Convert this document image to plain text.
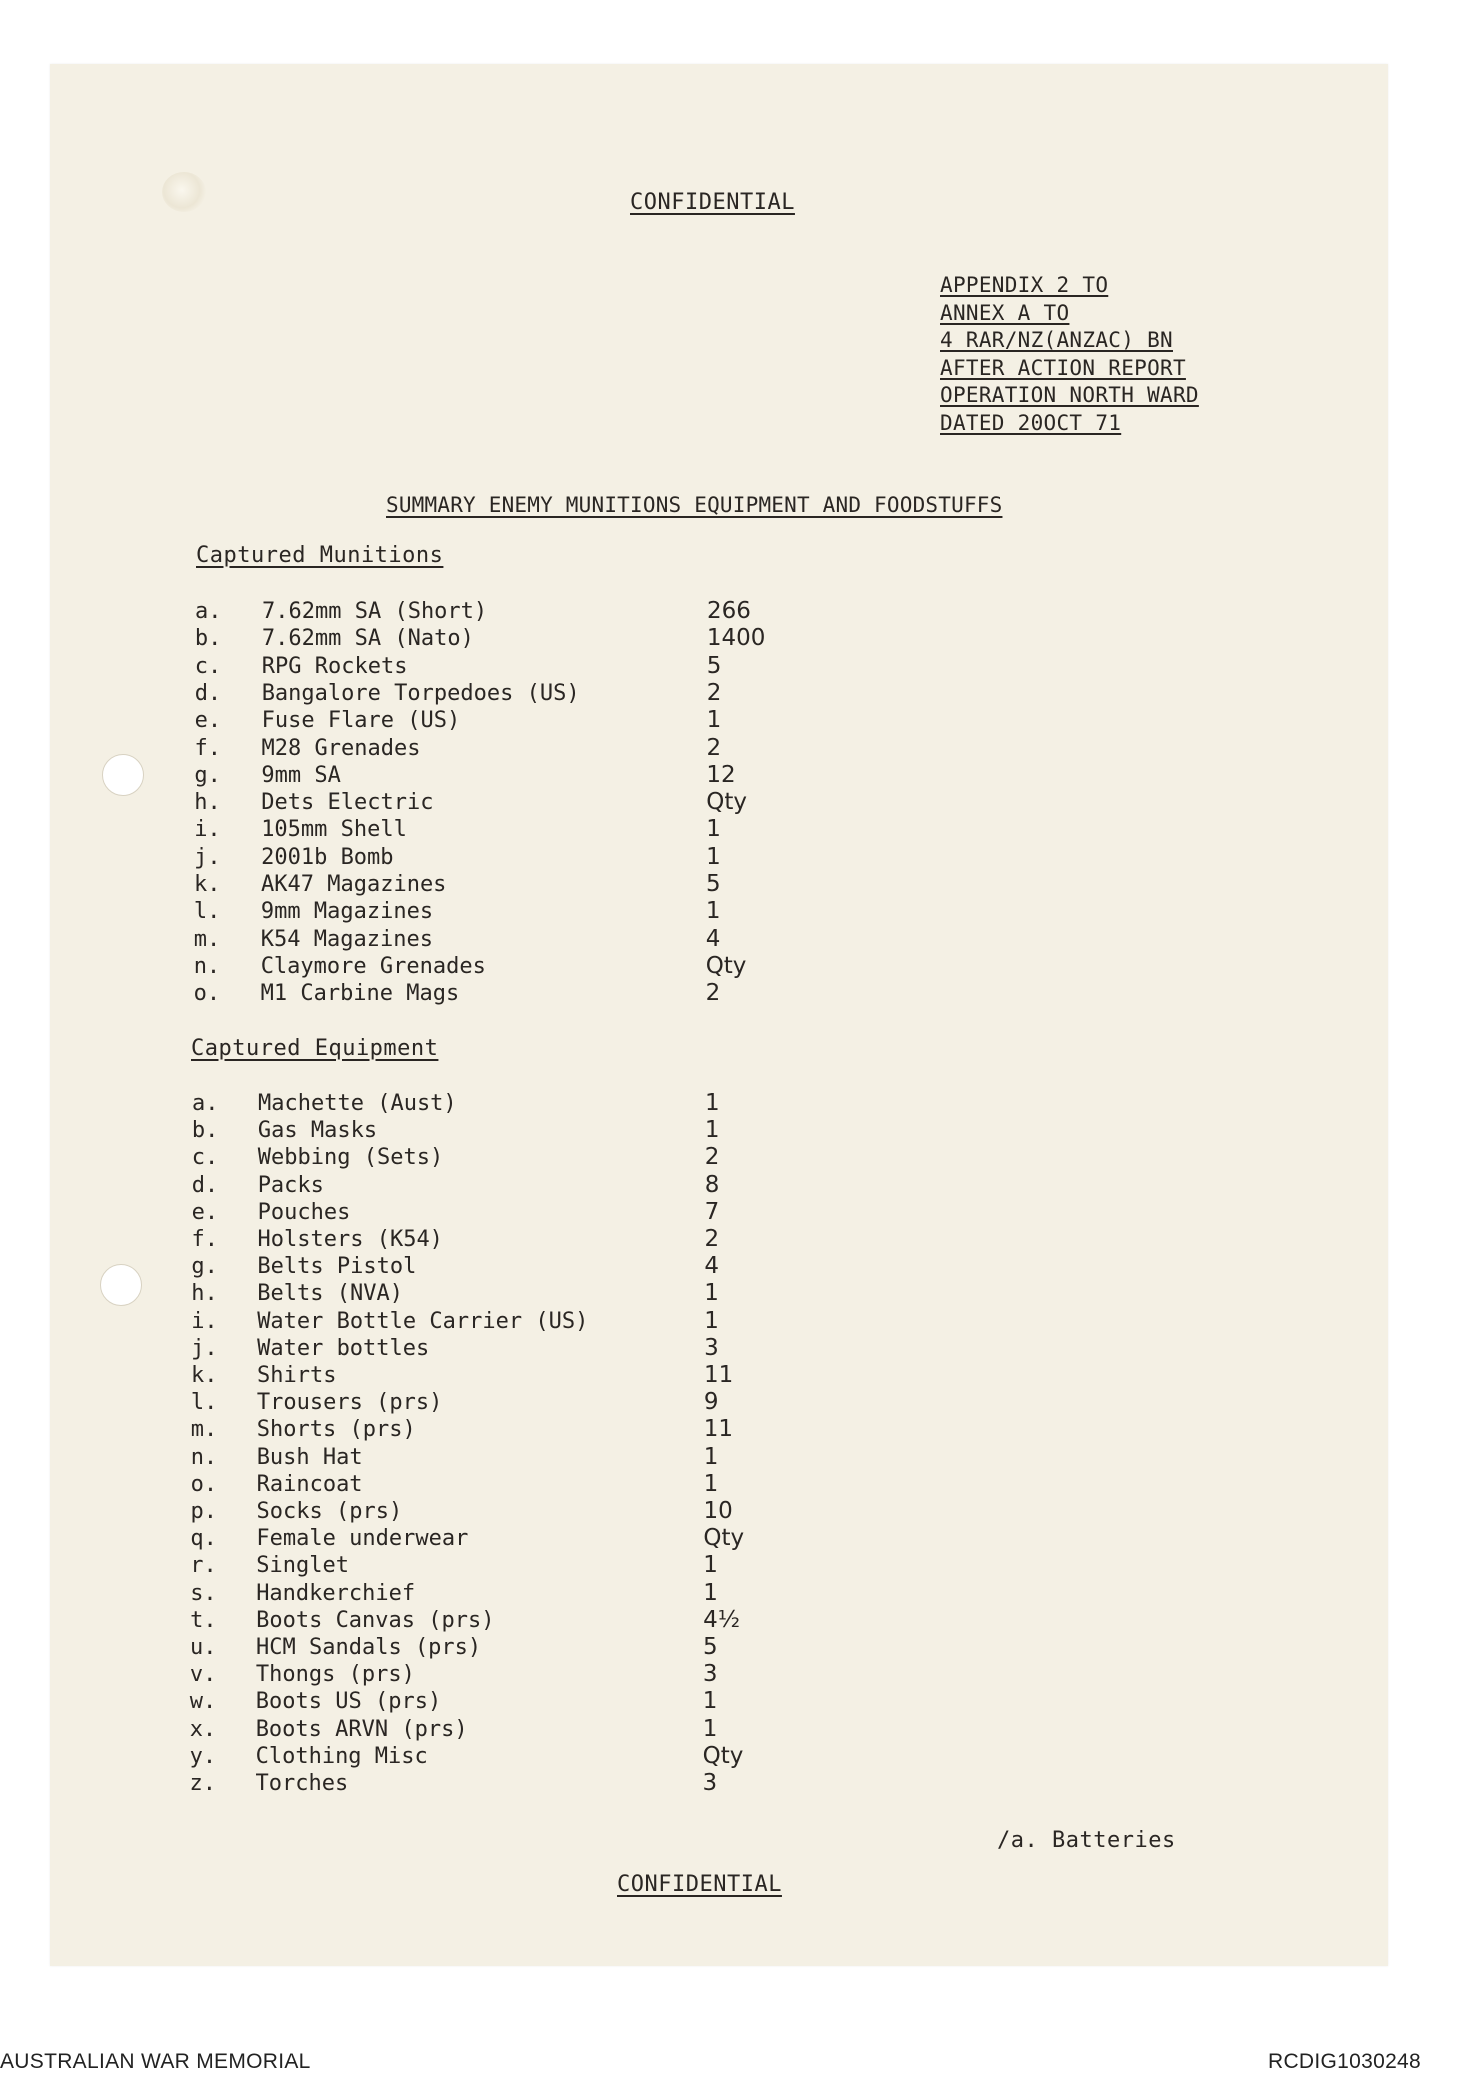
CONFIDENTIAL
APPENDIX 2 TO
ANNEX A TO
4 RAR/NZ(ANZAC) BN
AFTER ACTION REPORT
OPERATION NORTH WARD
DATED 20OCT 71
SUMMARY ENEMY MUNITIONS EQUIPMENT AND FOODSTUFFS
Captured Munitions
a. 7.62mm SA (Short)	266
b. 7.62mm SA (Nato)	1400
c. RPG Rockets	5
d. Bangalore Torpedoes (US)	2
e. Fuse Flare (US)	1
f. M28 Grenades	2
g. 9mm SA	12
h. Dets Electric	Qty
i. 105mm Shell	1
j. 2001b Bomb	1
k. AK47 Magazines	5
l. 9mm Magazines	1
m. K54 Magazines	4
n. Claymore Grenades	Qty
o. M1 Carbine Mags	2
Captured Equipment
a. Machette (Aust)	1
b. Gas Masks	1
c. Webbing (Sets)	2
d. Packs	8
e. Pouches	7
f. Holsters (K54)	2
g. Belts Pistol	4
h. Belts (NVA)	1
i. Water Bottle Carrier (US)	1
j. Water bottles	3
k. Shirts	11
l. Trousers (prs)	9
m. Shorts (prs)	11
n. Bush Hat	1
o. Raincoat	1
p. Socks (prs)	10
q. Female underwear	Qty
r. Singlet	1
s. Handkerchief	1
t. Boots Canvas (prs)	4½
u. HCM Sandals (prs)	5
v. Thongs (prs)	3
w. Boots US (prs)	1
x. Boots ARVN (prs)	1
y. Clothing Misc	Qty
z. Torches	3
/a. Batteries
CONFIDENTIAL
AUSTRALIAN WAR MEMORIAL	RCDIG1030248
